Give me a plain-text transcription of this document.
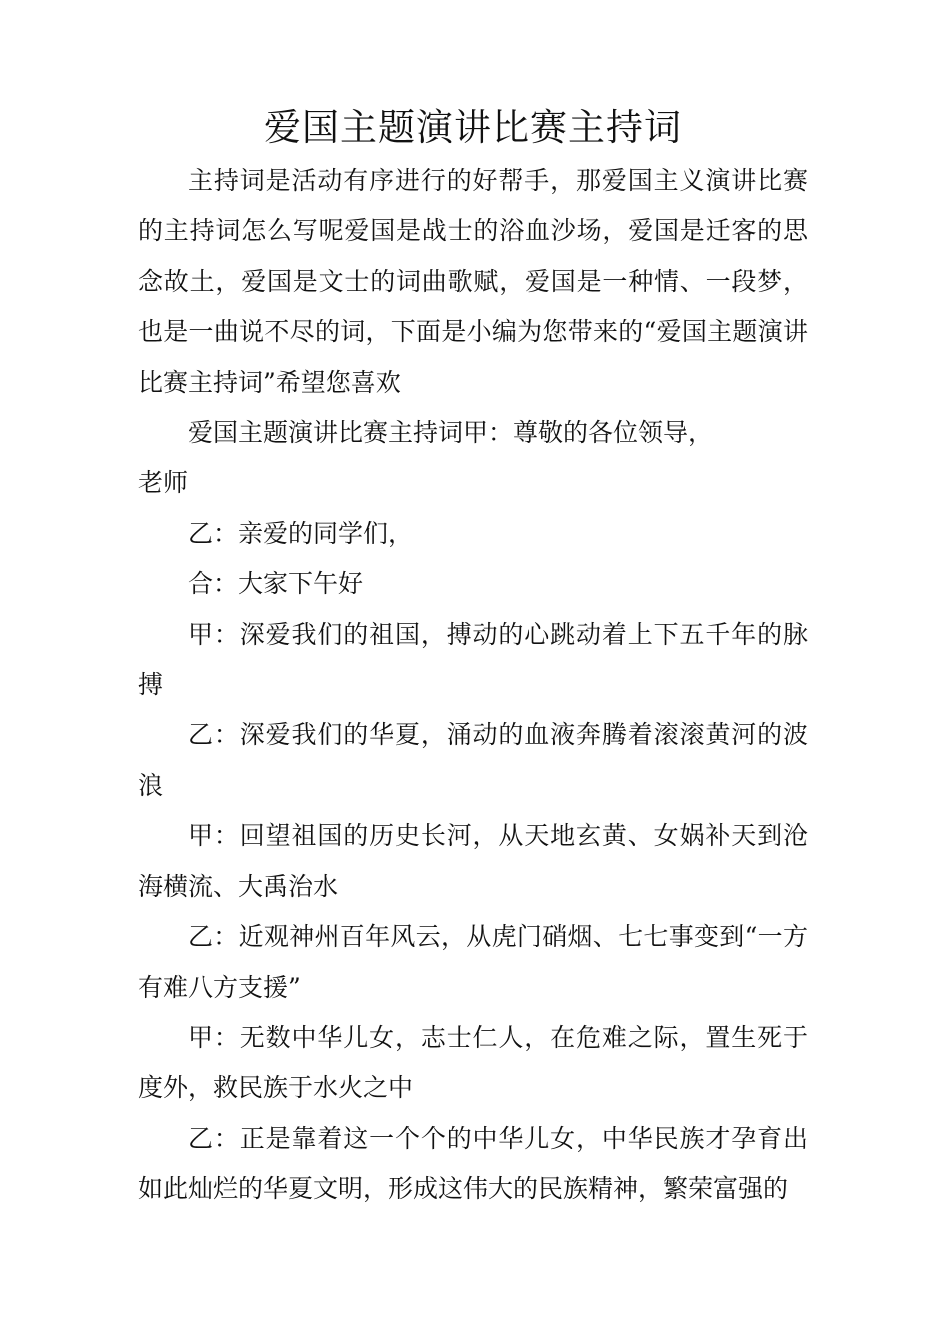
爱国主题演讲比赛主持词

主持词是活动有序进行的好帮手，那爱国主义演讲比赛的主持词怎么写呢爱国是战士的浴血沙场，爱国是迁客的思念故土，爱国是文士的词曲歌赋，爱国是一种情、一段梦，也是一曲说不尽的词，下面是小编为您带来的“爱国主题演讲比赛主持词”希望您喜欢

爱国主题演讲比赛主持词甲：尊敬的各位领导，

老师

乙：亲爱的同学们，

合：大家下午好

甲：深爱我们的祖国，搏动的心跳动着上下五千年的脉搏

乙：深爱我们的华夏，涌动的血液奔腾着滚滚黄河的波浪

甲：回望祖国的历史长河，从天地玄黄、女娲补天到沧海横流、大禹治水

乙：近观神州百年风云，从虎门硝烟、七七事变到“一方有难八方支援”

甲：无数中华儿女，志士仁人，在危难之际，置生死于度外，救民族于水火之中

乙：正是靠着这一个个的中华儿女，中华民族才孕育出如此灿烂的华夏文明，形成这伟大的民族精神，繁荣富强的
